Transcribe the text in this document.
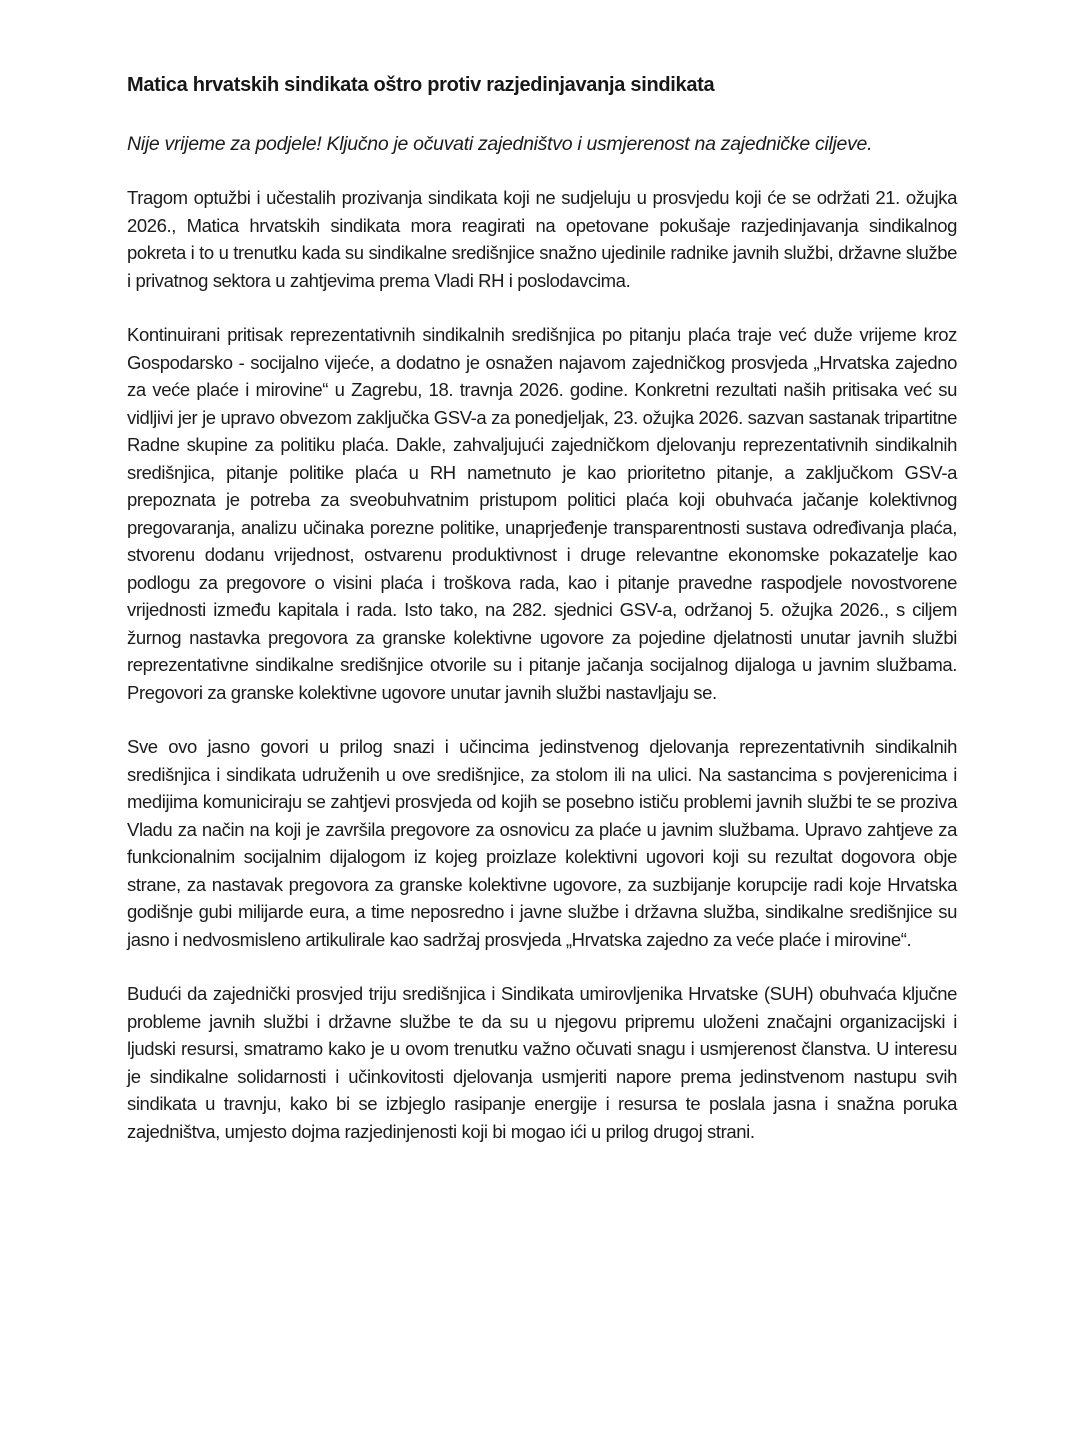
Matica hrvatskih sindikata oštro protiv razjedinjavanja sindikata

Nije vrijeme za podjele! Ključno je očuvati zajedništvo i usmjerenost na zajedničke ciljeve.

Tragom optužbi i učestalih prozivanja sindikata koji ne sudjeluju u prosvjedu koji će se održati 21. ožujka 2026., Matica hrvatskih sindikata mora reagirati na opetovane pokušaje razjedinjavanja sindikalnog pokreta i to u trenutku kada su sindikalne središnjice snažno ujedinile radnike javnih službi, državne službe i privatnog sektora u zahtjevima prema Vladi RH i poslodavcima.

Kontinuirani pritisak reprezentativnih sindikalnih središnjica po pitanju plaća traje već duže vrijeme kroz Gospodarsko - socijalno vijeće, a dodatno je osnažen najavom zajedničkog prosvjeda „Hrvatska zajedno za veće plaće i mirovine“ u Zagrebu, 18. travnja 2026. godine. Konkretni rezultati naših pritisaka već su vidljivi jer je upravo obvezom zaključka GSV-a za ponedjeljak, 23. ožujka 2026. sazvan sastanak tripartitne Radne skupine za politiku plaća. Dakle, zahvaljujući zajedničkom djelovanju reprezentativnih sindikalnih središnjica, pitanje politike plaća u RH nametnuto je kao prioritetno pitanje, a zaključkom GSV-a prepoznata je potreba za sveobuhvatnim pristupom politici plaća koji obuhvaća jačanje kolektivnog pregovaranja, analizu učinaka porezne politike, unaprjeđenje transparentnosti sustava određivanja plaća, stvorenu dodanu vrijednost, ostvarenu produktivnost i druge relevantne ekonomske pokazatelje kao podlogu za pregovore o visini plaća i troškova rada, kao i pitanje pravedne raspodjele novostvorene vrijednosti između kapitala i rada. Isto tako, na 282. sjednici GSV-a, održanoj 5. ožujka 2026., s ciljem žurnog nastavka pregovora za granske kolektivne ugovore za pojedine djelatnosti unutar javnih službi reprezentativne sindikalne središnjice otvorile su i pitanje jačanja socijalnog dijaloga u javnim službama. Pregovori za granske kolektivne ugovore unutar javnih službi nastavljaju se.

Sve ovo jasno govori u prilog snazi i učincima jedinstvenog djelovanja reprezentativnih sindikalnih središnjica i sindikata udruženih u ove središnjice, za stolom ili na ulici. Na sastancima s povjerenicima i medijima komuniciraju se zahtjevi prosvjeda od kojih se posebno ističu problemi javnih službi te se proziva Vladu za način na koji je završila pregovore za osnovicu za plaće u javnim službama. Upravo zahtjeve za funkcionalnim socijalnim dijalogom iz kojeg proizlaze kolektivni ugovori koji su rezultat dogovora obje strane, za nastavak pregovora za granske kolektivne ugovore, za suzbijanje korupcije radi koje Hrvatska godišnje gubi milijarde eura, a time neposredno i javne službe i državna služba, sindikalne središnjice su jasno i nedvosmisleno artikulirale kao sadržaj prosvjeda „Hrvatska zajedno za veće plaće i mirovine“.

Budući da zajednički prosvjed triju središnjica i Sindikata umirovljenika Hrvatske (SUH) obuhvaća ključne probleme javnih službi i državne službe te da su u njegovu pripremu uloženi značajni organizacijski i ljudski resursi, smatramo kako je u ovom trenutku važno očuvati snagu i usmjerenost članstva. U interesu je sindikalne solidarnosti i učinkovitosti djelovanja usmjeriti napore prema jedinstvenom nastupu svih sindikata u travnju, kako bi se izbjeglo rasipanje energije i resursa te poslala jasna i snažna poruka zajedništva, umjesto dojma razjedinjenosti koji bi mogao ići u prilog drugoj strani.
